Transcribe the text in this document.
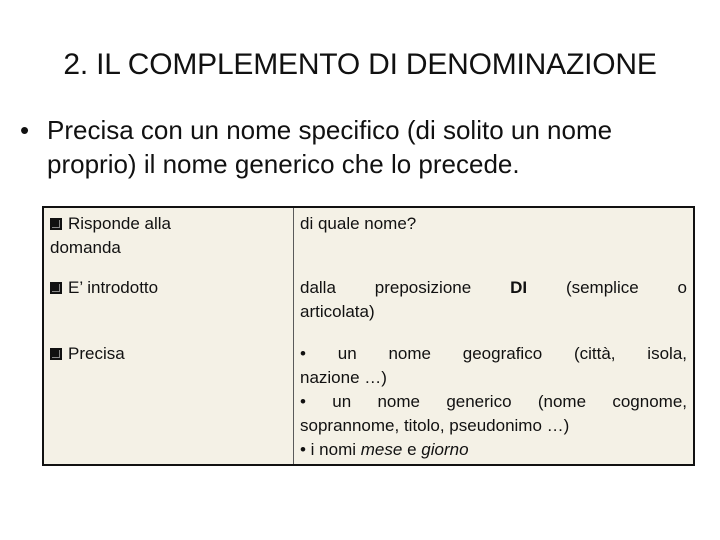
2. IL COMPLEMENTO DI DENOMINAZIONE
• Precisa con un nome specifico (di solito un nome
proprio) il nome generico che lo precede.
Risponde alla
domanda	di quale nome?

E’ introdotto	dalla preposizione DI (semplice o
articolata)

Precisa	• un nome geografico (città, isola,
nazione …)
• un nome generico (nome cognome,
soprannome, titolo, pseudonimo …)
• i nomi mese e giorno
